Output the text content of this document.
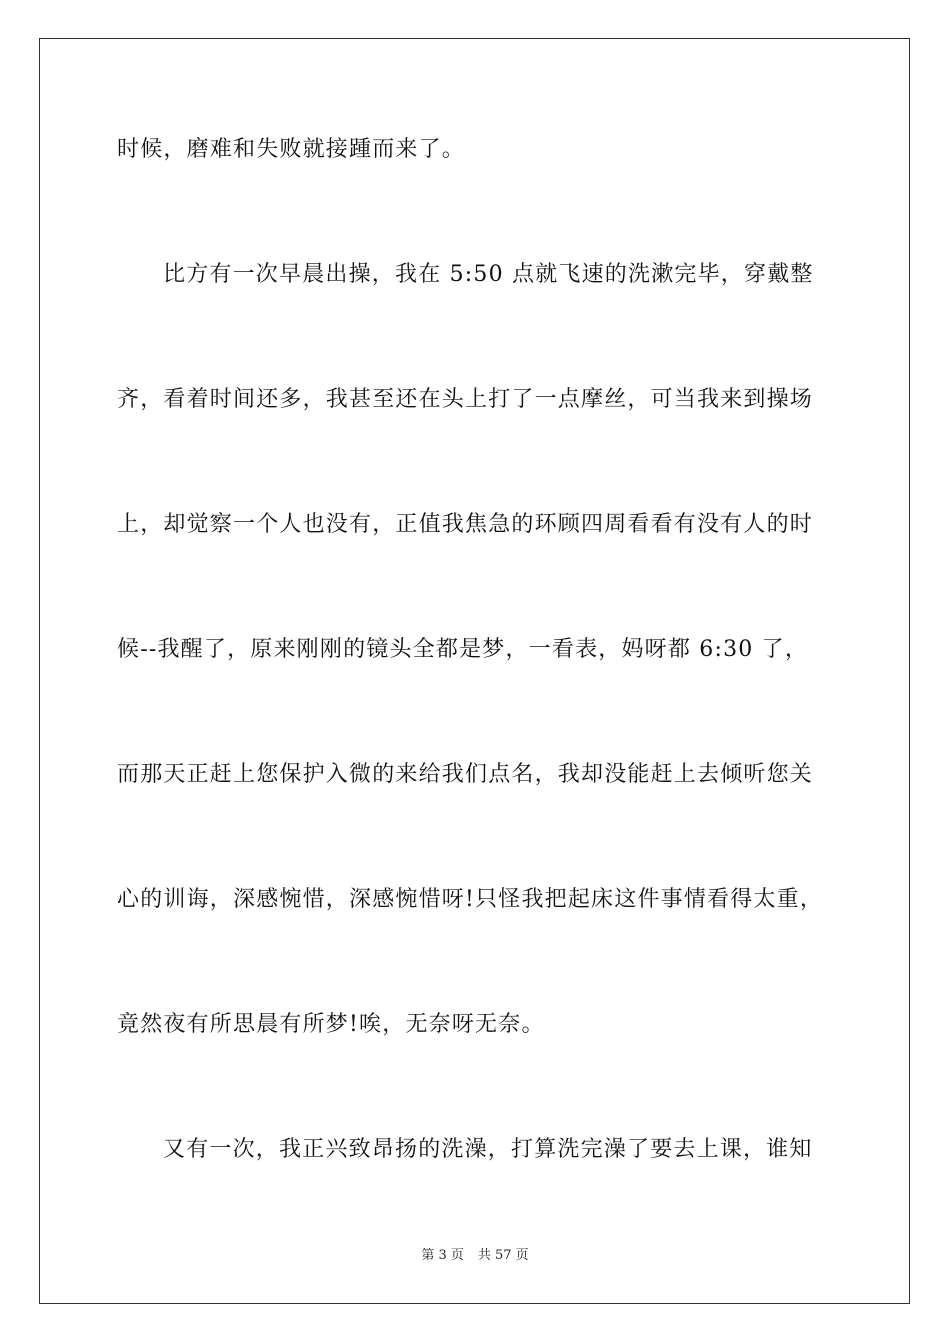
时候，磨难和失败就接踵而来了。
比方有一次早晨出操，我在 5:50 点就飞速的洗漱完毕，穿戴整
齐，看着时间还多，我甚至还在头上打了一点摩丝，可当我来到操场
上，却觉察一个人也没有，正值我焦急的环顾四周看看有没有人的时
候--我醒了，原来刚刚的镜头全都是梦，一看表，妈呀都 6:30 了，
而那天正赶上您保护入微的来给我们点名，我却没能赶上去倾听您关
心的训诲，深感惋惜，深感惋惜呀!只怪我把起床这件事情看得太重，
竟然夜有所思晨有所梦!唉，无奈呀无奈。
又有一次，我正兴致昂扬的洗澡，打算洗完澡了要去上课，谁知
第 3 页 共 57 页
